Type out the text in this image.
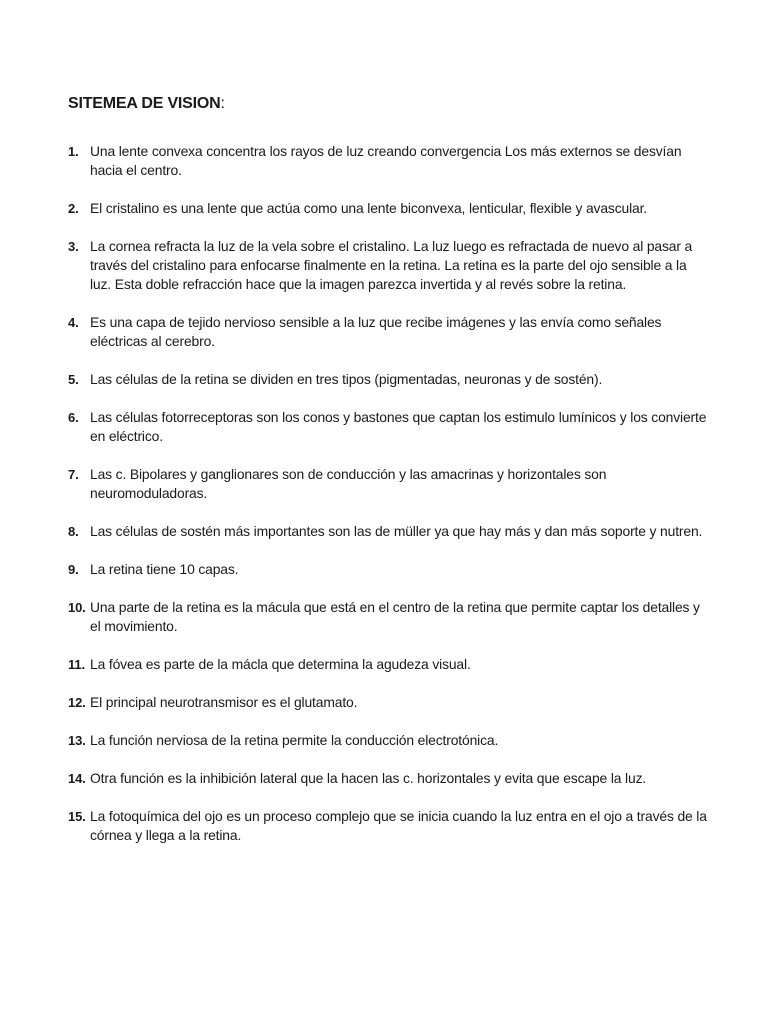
SITEMEA DE VISION:
1. Una lente convexa concentra los rayos de luz creando convergencia Los más externos se desvían hacia el centro.
2. El cristalino es una lente que actúa como una lente biconvexa, lenticular, flexible y avascular.
3. La cornea refracta la luz de la vela sobre el cristalino. La luz luego es refractada de nuevo al pasar a través del cristalino para enfocarse finalmente en la retina. La retina es la parte del ojo sensible a la luz. Esta doble refracción hace que la imagen parezca invertida y al revés sobre la retina.
4. Es una capa de tejido nervioso sensible a la luz que recibe imágenes y las envía como señales eléctricas al cerebro.
5. Las células de la retina se dividen en tres tipos (pigmentadas, neuronas y de sostén).
6. Las células fotorreceptoras son los conos y bastones que captan los estimulo lumínicos y los convierte en eléctrico.
7. Las c. Bipolares y ganglionares son de conducción y las amacrinas y horizontales son neuromoduladoras.
8. Las células de sostén más importantes son las de müller ya que hay más y dan más soporte y nutren.
9. La retina tiene 10 capas.
10. Una parte de la retina es la mácula que está en el centro de la retina que permite captar los detalles y el movimiento.
11. La fóvea es parte de la mácla que determina la agudeza visual.
12. El principal neurotransmisor es el glutamato.
13. La función nerviosa de la retina permite la conducción electrotónica.
14. Otra función es la inhibición lateral que la hacen las c. horizontales y evita que escape la luz.
15. La fotoquímica del ojo es un proceso complejo que se inicia cuando la luz entra en el ojo a través de la córnea y llega a la retina.
